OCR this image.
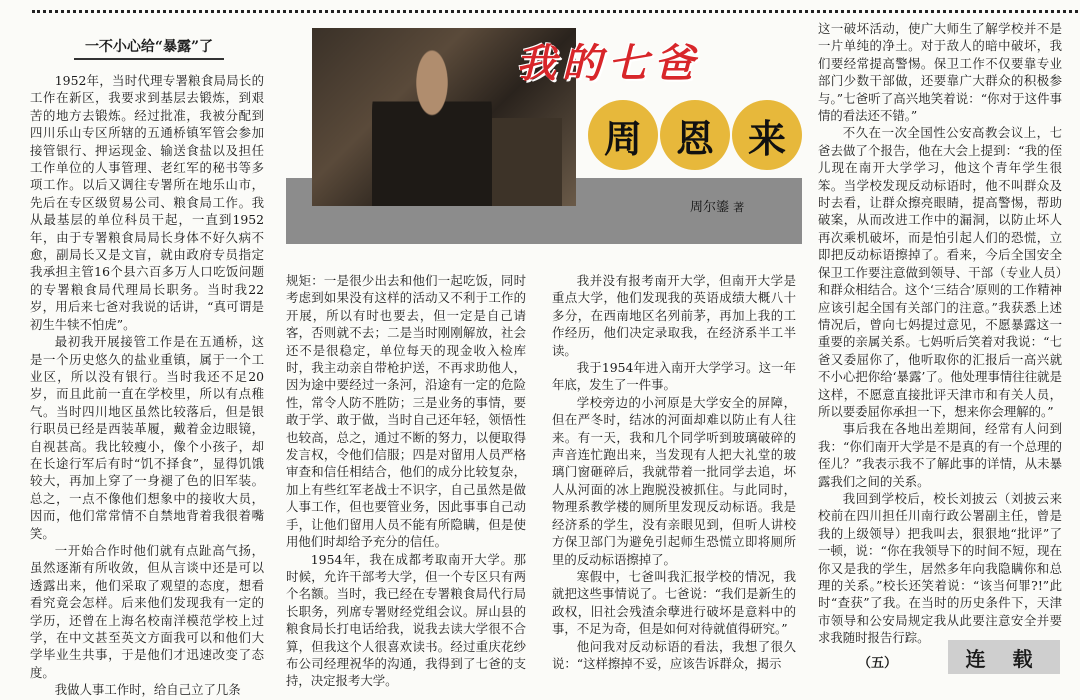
一不小心给“暴露”了

1952年，当时代理专署粮食局局长的工作在新区，我要求到基层去锻炼，到艰苦的地方去锻炼。经过批准，我被分配到四川乐山专区所辖的五通桥镇军管会参加接管银行、押运现金、输送食盐以及担任工作单位的人事管理、老红军的秘书等多项工作。以后又调往专署所在地乐山市，先后在专区级贸易公司、粮食局工作。我从最基层的单位科员干起，一直到1952年，由于专署粮食局局长身体不好久病不愈，副局长又是文盲，就由政府专员指定我承担主管16个县六百多万人口吃饭问题的专署粮食局代理局长职务。当时我22岁，用后来七爸对我说的话讲，“真可谓是初生牛犊不怕虎”。

最初我开展接管工作是在五通桥，这是一个历史悠久的盐业重镇，属于一个工业区，所以没有银行。当时我还不足20岁，而且此前一直在学校里，所以有点稚气。当时四川地区虽然比较落后，但是银行职员已经是西装革履，戴着金边眼镜，自视甚高。我比较瘦小，像个小孩子，却在长途行军后有时“饥不择食”，显得饥饿较大，再加上穿了一身褪了色的旧军装。总之，一点不像他们想象中的接收大员，因而，他们常常情不自禁地背着我很着嘴笑。

一开始合作时他们就有点趾高气扬，虽然逐渐有所收敛，但从言谈中还是可以透露出来，他们采取了观望的态度，想看看究竟会怎样。后来他们发现我有一定的学历，还曾在上海名校南洋模范学校上过学，在中文甚至英文方面我可以和他们大学毕业生共事，于是他们才迅速改变了态度。

我做人事工作时，给自己立了几条

我的七爸
周 恩 来
周尔鎏 著

规矩：一是很少出去和他们一起吃饭，同时考虑到如果没有这样的活动又不利于工作的开展，所以有时也要去，但一定是自己请客，否则就不去；二是当时刚刚解放，社会还不是很稳定，单位每天的现金收入检库时，我主动亲自带枪护送，不再求助他人，因为途中要经过一条河，沿途有一定的危险性，常令人防不胜防；三是业务的事情，要敢于学、敢于做，当时自己还年轻，领悟性也较高，总之，通过不断的努力，以便取得发言权，令他们信服；四是对留用人员严格审查和信任相结合，他们的成分比较复杂，加上有些红军老战士不识字，自己虽然是做人事工作，但也要管业务，因此事事自己动手，让他们留用人员不能有所隐瞒，但是使用他们时却给予充分的信任。

1954年，我在成都考取南开大学。那时候，允许干部考大学，但一个专区只有两个名额。当时，我已经在专署粮食局代行局长职务，列席专署财经党组会议。屏山县的粮食局长打电话给我，说我去读大学很不合算，但我这个人很喜欢读书。经过重庆花纱布公司经理祝华的沟通，我得到了七爸的支持，决定报考大学。

我并没有报考南开大学，但南开大学是重点大学，他们发现我的英语成绩大概八十多分，在西南地区名列前茅，再加上我的工作经历，他们决定录取我，在经济系半工半读。

我于1954年进入南开大学学习。这一年年底，发生了一件事。

学校旁边的小河原是大学安全的屏障，但在严冬时，结冰的河面却难以防止有人往来。有一天，我和几个同学听到玻璃破碎的声音连忙跑出来，当发现有人把大礼堂的玻璃门窗砸碎后，我就带着一批同学去追，坏人从河面的冰上跑脱没被抓住。与此同时，物理系教学楼的厕所里发现反动标语。我是经济系的学生，没有亲眼见到，但听人讲校方保卫部门为避免引起师生恐慌立即将厕所里的反动标语擦掉了。

寒假中，七爸叫我汇报学校的情况，我就把这些事情说了。七爸说：“我们是新生的政权，旧社会残渣余孽进行破坏是意料中的事，不足为奇，但是如何对待就值得研究。”

他问我对反动标语的看法，我想了很久说：“这样擦掉不妥，应该告诉群众，揭示

这一破坏活动，使广大师生了解学校并不是一片单纯的净土。对于敌人的暗中破坏，我们要经常提高警惕。保卫工作不仅要靠专业部门少数干部做，还要靠广大群众的积极参与。”七爸听了高兴地笑着说：“你对于这件事情的看法还不错。”

不久在一次全国性公安高教会议上，七爸去做了个报告，他在大会上提到：“我的侄儿现在南开大学学习，他这个青年学生很笨。当学校发现反动标语时，他不叫群众及时去看，让群众擦亮眼睛，提高警惕，帮助破案，从而改进工作中的漏洞，以防止坏人再次乘机破坏，而是怕引起人们的恐慌，立即把反动标语擦掉了。看来，今后全国安全保卫工作要注意做到领导、干部（专业人员）和群众相结合。这个‘三结合’原则的工作精神应该引起全国有关部门的注意。”我获悉上述情况后，曾向七妈提过意见，不愿暴露这一重要的亲属关系。七妈听后笑着对我说：“七爸又委屈你了，他听取你的汇报后一高兴就不小心把你给‘暴露’了。他处理事情往往就是这样，不愿意直接批评天津市和有关人员，所以要委屈你承担一下，想来你会理解的。”

事后我在各地出差期间，经常有人问到我：“你们南开大学是不是真的有一个总理的侄儿？”我表示我不了解此事的详情，从未暴露我们之间的关系。

我回到学校后，校长刘披云（刘披云来校前在四川担任川南行政公署副主任，曾是我的上级领导）把我叫去，狠狠地“批评”了一顿，说：“你在我领导下的时间不短，现在你又是我的学生，居然多年向我隐瞒你和总理的关系。”校长还笑着说：“该当何罪?!”此时“查获”了我。在当时的历史条件下，天津市领导和公安局规定我从此要注意安全并要求我随时报告行踪。

（五）	连 载
